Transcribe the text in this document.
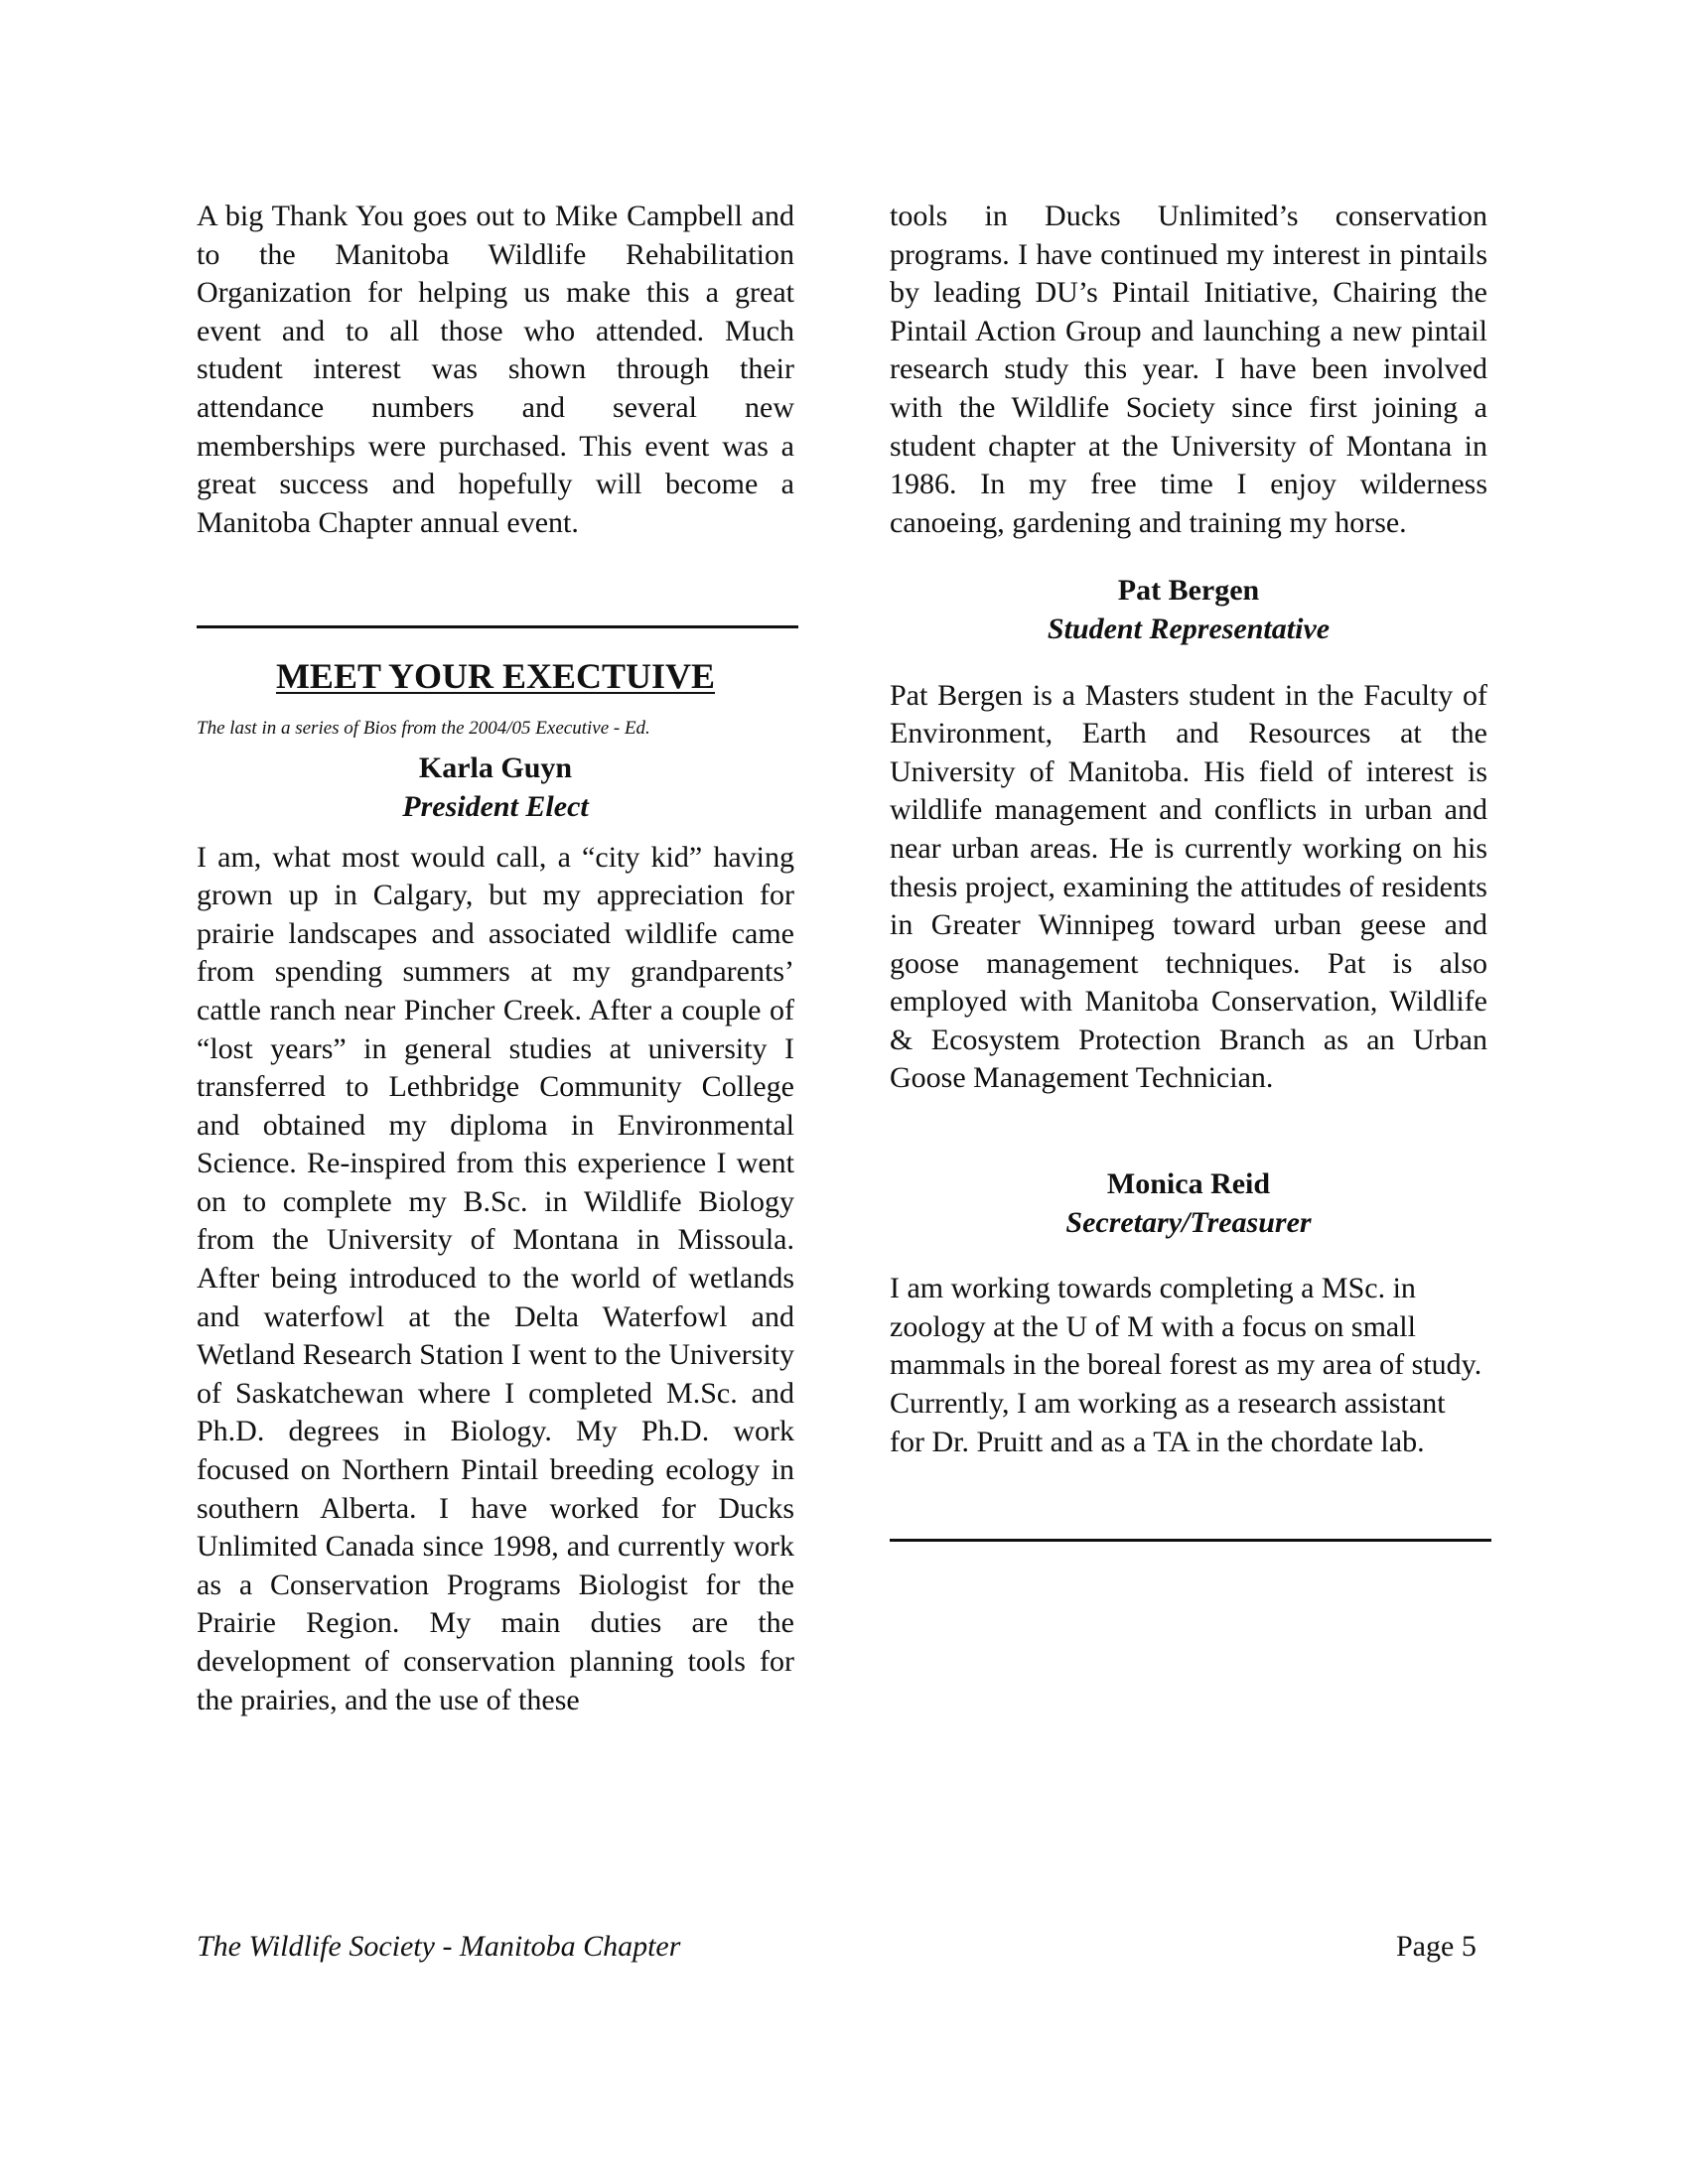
A big Thank You goes out to Mike Campbell and to the Manitoba Wildlife Rehabilitation Organization for helping us make this a great event and to all those who attended. Much student interest was shown through their attendance numbers and several new memberships were purchased. This event was a great success and hopefully will become a Manitoba Chapter annual event.

MEET YOUR EXECTUIVE

The last in a series of Bios from the 2004/05 Executive - Ed.

Karla Guyn

President Elect

I am, what most would call, a “city kid” having grown up in Calgary, but my appreciation for prairie landscapes and associated wildlife came from spending summers at my grandparents’ cattle ranch near Pincher Creek. After a couple of “lost years” in general studies at university I transferred to Lethbridge Community College and obtained my diploma in Environmental Science. Re-inspired from this experience I went on to complete my B.Sc. in Wildlife Biology from the University of Montana in Missoula. After being introduced to the world of wetlands and waterfowl at the Delta Waterfowl and Wetland Research Station I went to the University of Saskatchewan where I completed M.Sc. and Ph.D. degrees in Biology. My Ph.D. work focused on Northern Pintail breeding ecology in southern Alberta. I have worked for Ducks Unlimited Canada since 1998, and currently work as a Conservation Programs Biologist for the Prairie Region. My main duties are the development of conservation planning tools for the prairies, and the use of these

tools in Ducks Unlimited’s conservation programs. I have continued my interest in pintails by leading DU’s Pintail Initiative, Chairing the Pintail Action Group and launching a new pintail research study this year. I have been involved with the Wildlife Society since first joining a student chapter at the University of Montana in 1986. In my free time I enjoy wilderness canoeing, gardening and training my horse.

Pat Bergen

Student Representative

Pat Bergen is a Masters student in the Faculty of Environment, Earth and Resources at the University of Manitoba. His field of interest is wildlife management and conflicts in urban and near urban areas. He is currently working on his thesis project, examining the attitudes of residents in Greater Winnipeg toward urban geese and goose management techniques. Pat is also employed with Manitoba Conservation, Wildlife & Ecosystem Protection Branch as an Urban Goose Management Technician.

Monica Reid

Secretary/Treasurer

I am working towards completing a MSc. in zoology at the U of M with a focus on small mammals in the boreal forest as my area of study. Currently, I am working as a research assistant for Dr. Pruitt and as a TA in the chordate lab.

The Wildlife Society - Manitoba Chapter	Page 5
